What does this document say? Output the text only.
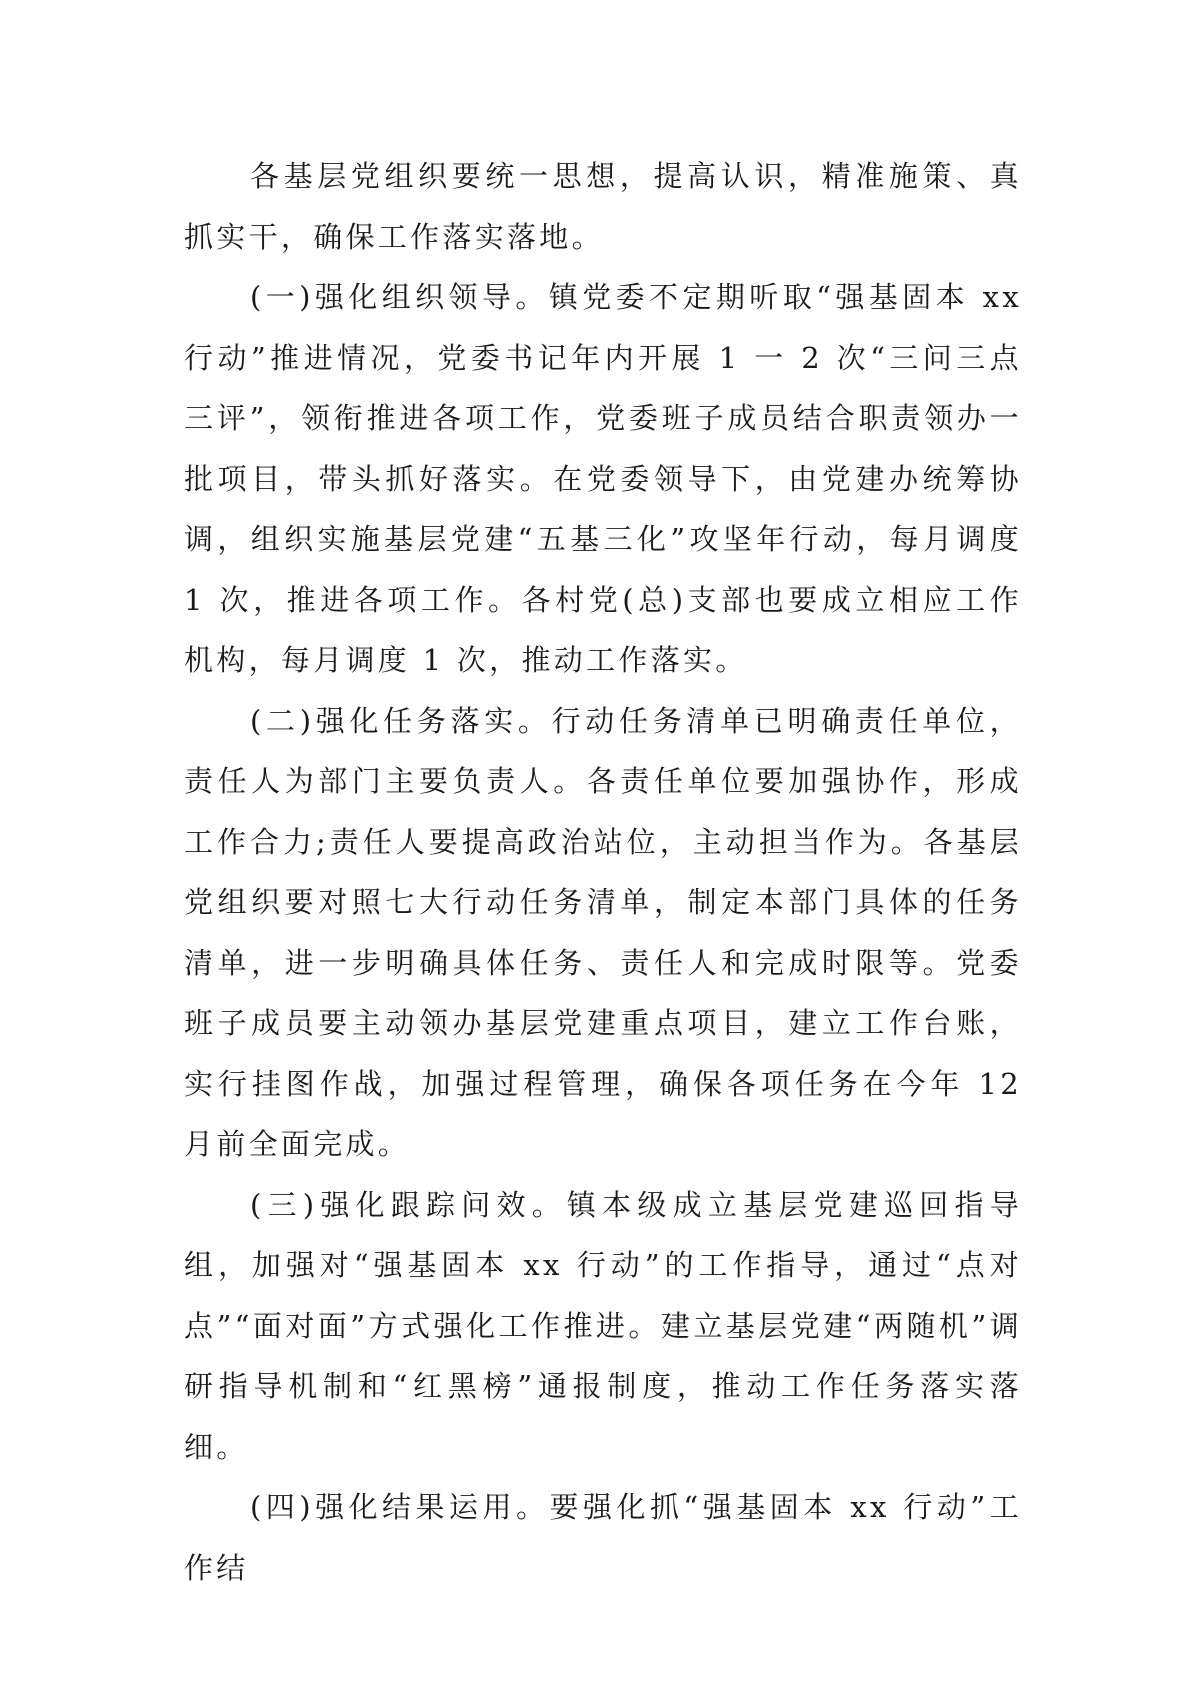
各基层党组织要统一思想，提高认识，精准施策、真抓实干，确保工作落实落地。

(一)强化组织领导。镇党委不定期听取“强基固本 xx 行动”推进情况，党委书记年内开展 1 一 2 次“三问三点三评”，领衔推进各项工作，党委班子成员结合职责领办一批项目，带头抓好落实。在党委领导下，由党建办统筹协调，组织实施基层党建“五基三化”攻坚年行动，每月调度 1 次，推进各项工作。各村党(总)支部也要成立相应工作机构，每月调度 1 次，推动工作落实。

(二)强化任务落实。行动任务清单已明确责任单位，责任人为部门主要负责人。各责任单位要加强协作，形成工作合力;责任人要提高政治站位，主动担当作为。各基层党组织要对照七大行动任务清单，制定本部门具体的任务清单，进一步明确具体任务、责任人和完成时限等。党委班子成员要主动领办基层党建重点项目，建立工作台账，实行挂图作战，加强过程管理，确保各项任务在今年 12 月前全面完成。

(三)强化跟踪问效。镇本级成立基层党建巡回指导组，加强对“强基固本 xx 行动”的工作指导，通过“点对点”“面对面”方式强化工作推进。建立基层党建“两随机”调研指导机制和“红黑榜”通报制度，推动工作任务落实落细。

(四)强化结果运用。要强化抓“强基固本 xx 行动”工作结
